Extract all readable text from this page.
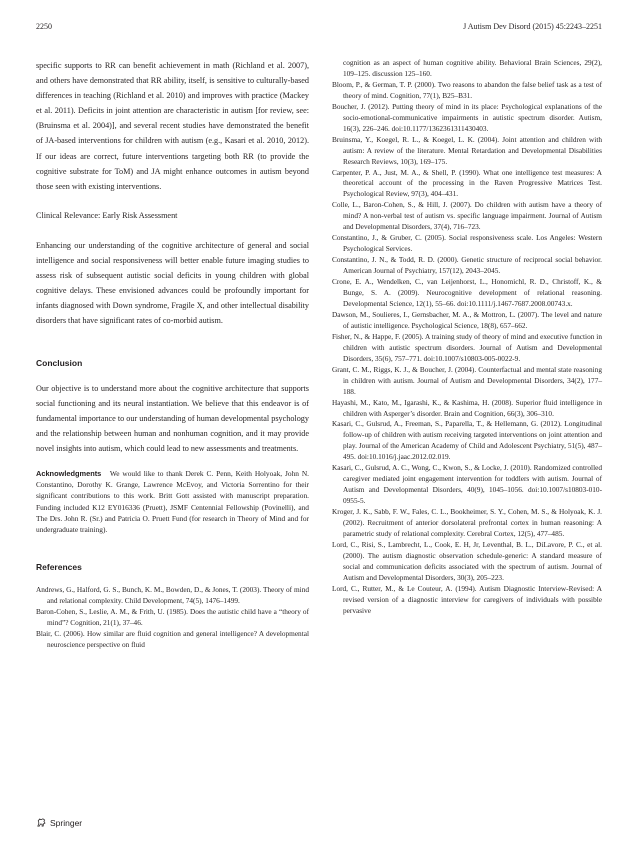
2250	J Autism Dev Disord (2015) 45:2243–2251

specific supports to RR can benefit achievement in math (Richland et al. 2007), and others have demonstrated that RR ability, itself, is sensitive to culturally-based differences in teaching (Richland et al. 2010) and improves with practice (Mackey et al. 2011). Deficits in joint attention are characteristic in autism [for review, see: (Bruinsma et al. 2004)], and several recent studies have demonstrated the benefit of JA-based interventions for children with autism (e.g., Kasari et al. 2010, 2012). If our ideas are correct, future interventions targeting both RR (to provide the cognitive substrate for ToM) and JA might enhance outcomes in autism beyond those seen with existing interventions.

Clinical Relevance: Early Risk Assessment

Enhancing our understanding of the cognitive architecture of general and social intelligence and social responsiveness will better enable future imaging studies to assess risk of subsequent autistic social deficits in young children with global cognitive delays. These envisioned advances could be profoundly important for infants diagnosed with Down syndrome, Fragile X, and other intellectual disability disorders that have significant rates of co-morbid autism.

Conclusion

Our objective is to understand more about the cognitive architecture that supports social functioning and its neural instantiation. We believe that this endeavor is of fundamental importance to our understanding of human developmental psychology and the relationship between human and nonhuman cognition, and it may provide novel insights into autism, which could lead to new assessments and treatments.

Acknowledgments We would like to thank Derek C. Penn, Keith Holyoak, John N. Constantino, Dorothy K. Grange, Lawrence McEvoy, and Victoria Sorrentino for their significant contributions to this work. Britt Gott assisted with manuscript preparation. Funding included K12 EY016336 (Pruett), JSMF Centennial Fellowship (Povinelli), and The Drs. John R. (Sr.) and Patricia O. Pruett Fund (for research in Theory of Mind and for undergraduate training).

References

Andrews, G., Halford, G. S., Bunch, K. M., Bowden, D., & Jones, T. (2003). Theory of mind and relational complexity. Child Development, 74(5), 1476–1499.

Baron-Cohen, S., Leslie, A. M., & Frith, U. (1985). Does the autistic child have a “theory of mind”? Cognition, 21(1), 37–46.

Blair, C. (2006). How similar are fluid cognition and general intelligence? A developmental neuroscience perspective on fluid

cognition as an aspect of human cognitive ability. Behavioral Brain Sciences, 29(2), 109–125. discussion 125–160.

Bloom, P., & German, T. P. (2000). Two reasons to abandon the false belief task as a test of theory of mind. Cognition, 77(1), B25–B31.

Boucher, J. (2012). Putting theory of mind in its place: Psychological explanations of the socio-emotional-communicative impairments in autistic spectrum disorder. Autism, 16(3), 226–246. doi:10.1177/1362361311430403.

Bruinsma, Y., Koegel, R. L., & Koegel, L. K. (2004). Joint attention and children with autism: A review of the literature. Mental Retardation and Developmental Disabilities Research Reviews, 10(3), 169–175.

Carpenter, P. A., Just, M. A., & Shell, P. (1990). What one intelligence test measures: A theoretical account of the processing in the Raven Progressive Matrices Test. Psychological Review, 97(3), 404–431.

Colle, L., Baron-Cohen, S., & Hill, J. (2007). Do children with autism have a theory of mind? A non-verbal test of autism vs. specific language impairment. Journal of Autism and Developmental Disorders, 37(4), 716–723.

Constantino, J., & Gruber, C. (2005). Social responsiveness scale. Los Angeles: Western Psychological Services.

Constantino, J. N., & Todd, R. D. (2000). Genetic structure of reciprocal social behavior. American Journal of Psychiatry, 157(12), 2043–2045.

Crone, E. A., Wendelken, C., van Leijenhorst, L., Honomichl, R. D., Christoff, K., & Bunge, S. A. (2009). Neurocognitive development of relational reasoning. Developmental Science, 12(1), 55–66. doi:10.1111/j.1467-7687.2008.00743.x.

Dawson, M., Soulieres, I., Gernsbacher, M. A., & Mottron, L. (2007). The level and nature of autistic intelligence. Psychological Science, 18(8), 657–662.

Fisher, N., & Happe, F. (2005). A training study of theory of mind and executive function in children with autistic spectrum disorders. Journal of Autism and Developmental Disorders, 35(6), 757–771. doi:10.1007/s10803-005-0022-9.

Grant, C. M., Riggs, K. J., & Boucher, J. (2004). Counterfactual and mental state reasoning in children with autism. Journal of Autism and Developmental Disorders, 34(2), 177–188.

Hayashi, M., Kato, M., Igarashi, K., & Kashima, H. (2008). Superior fluid intelligence in children with Asperger’s disorder. Brain and Cognition, 66(3), 306–310.

Kasari, C., Gulsrud, A., Freeman, S., Paparella, T., & Hellemann, G. (2012). Longitudinal follow-up of children with autism receiving targeted interventions on joint attention and play. Journal of the American Academy of Child and Adolescent Psychiatry, 51(5), 487–495. doi:10.1016/j.jaac.2012.02.019.

Kasari, C., Gulsrud, A. C., Wong, C., Kwon, S., & Locke, J. (2010). Randomized controlled caregiver mediated joint engagement intervention for toddlers with autism. Journal of Autism and Developmental Disorders, 40(9), 1045–1056. doi:10.1007/s10803-010-0955-5.

Kroger, J. K., Sabb, F. W., Fales, C. L., Bookheimer, S. Y., Cohen, M. S., & Holyoak, K. J. (2002). Recruitment of anterior dorsolateral prefrontal cortex in human reasoning: A parametric study of relational complexity. Cerebral Cortex, 12(5), 477–485.

Lord, C., Risi, S., Lambrecht, L., Cook, E. H, Jr, Leventhal, B. L., DiLavore, P. C., et al. (2000). The autism diagnostic observation schedule-generic: A standard measure of social and communication deficits associated with the spectrum of autism. Journal of Autism and Developmental Disorders, 30(3), 205–223.

Lord, C., Rutter, M., & Le Couteur, A. (1994). Autism Diagnostic Interview-Revised: A revised version of a diagnostic interview for caregivers of individuals with possible pervasive

Springer
